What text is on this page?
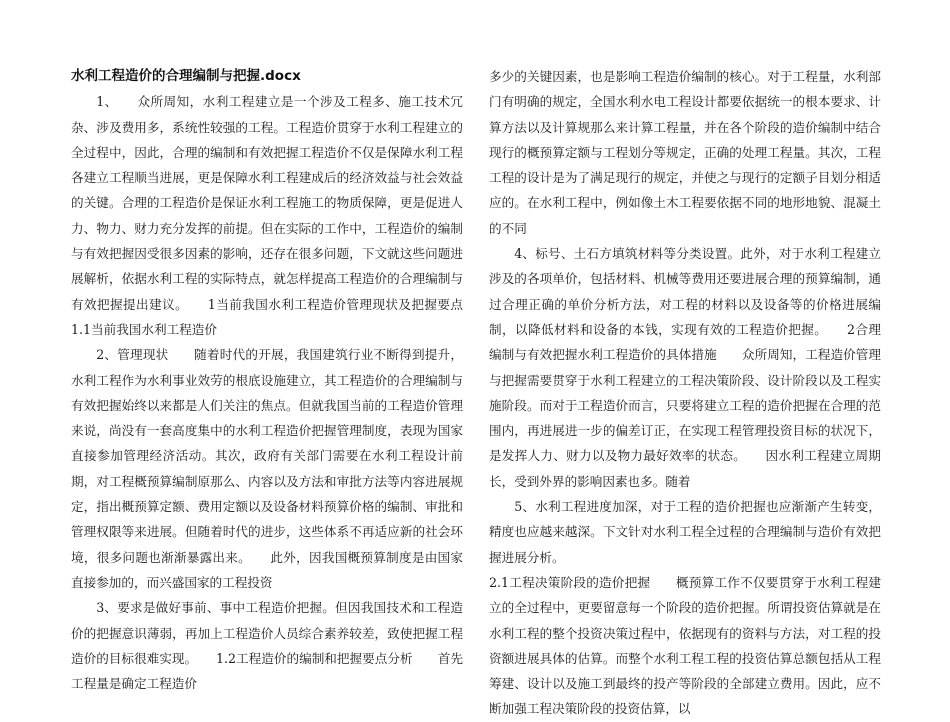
水利工程造价的合理编制与把握.docx

1、　　众所周知，水利工程建立是一个涉及工程多、施工技术冗杂、涉及费用多，系统性较强的工程。工程造价贯穿于水利工程建立的全过程中，因此，合理的编制和有效把握工程造价不仅是保障水利工程各建立工程顺当进展，更是保障水利工程建成后的经济效益与社会效益的关键。合理的工程造价是保证水利工程施工的物质保障，更是促进人力、物力、财力充分发挥的前提。但在实际的工作中，工程造价的编制与有效把握因受很多因素的影响，还存在很多问题，下文就这些问题进展解析，依据水利工程的实际特点，就怎样提高工程造价的合理编制与有效把握提出建议。　　1当前我国水利工程造价管理现状及把握要点　　1.1当前我国水利工程造价

2、管理现状　　随着时代的开展，我国建筑行业不断得到提升，水利工程作为水利事业效劳的根底设施建立，其工程造价的合理编制与有效把握始终以来都是人们关注的焦点。但就我国当前的工程造价管理来说，尚没有一套高度集中的水利工程造价把握管理制度，表现为国家直接参加管理经济活动。其次，政府有关部门需要在水利工程设计前期，对工程概预算编制原那么、内容以及方法和审批方法等内容进展规定，指出概预算定额、费用定额以及设备材料预算价格的编制、审批和管理权限等来进展。但随着时代的进步，这些体系不再适应新的社会环境，很多问题也渐渐暴露出来。　　此外，因我国概预算制度是由国家直接参加的，而兴盛国家的工程投资

3、要求是做好事前、事中工程造价把握。但因我国技术和工程造价的把握意识薄弱，再加上工程造价人员综合素养较差，致使把握工程造价的目标很难实现。　　1.2工程造价的编制和把握要点分析　　首先工程量是确定工程造价

多少的关键因素，也是影响工程造价编制的核心。对于工程量，水利部门有明确的规定，全国水利水电工程设计都要依据统一的根本要求、计算方法以及计算规那么来计算工程量，并在各个阶段的造价编制中结合现行的概预算定额与工程划分等规定，正确的处理工程量。其次，工程工程的设计是为了满足现行的规定，并使之与现行的定额子目划分相适应的。在水利工程中，例如像土木工程要依据不同的地形地貌、混凝土的不同

4、标号、土石方填筑材料等分类设置。此外，对于水利工程建立涉及的各项单价，包括材料、机械等费用还要进展合理的预算编制，通过合理正确的单价分析方法，对工程的材料以及设备等的价格进展编制，以降低材料和设备的本钱，实现有效的工程造价把握。　　2合理编制与有效把握水利工程造价的具体措施　　众所周知，工程造价管理与把握需要贯穿于水利工程建立的工程决策阶段、设计阶段以及工程实施阶段。而对于工程造价而言，只要将建立工程的造价把握在合理的范围内，再进展进一步的偏差订正，在实现工程管理投资目标的状况下，是发挥人力、财力以及物力最好效率的状态。　　因水利工程建立周期长，受到外界的影响因素也多。随着

5、水利工程进度加深，对于工程的造价把握也应渐渐产生转变，精度也应越来越深。下文针对水利工程全过程的合理编制与造价有效把握进展分析。

2.1工程决策阶段的造价把握　　概预算工作不仅要贯穿于水利工程建立的全过程中，更要留意每一个阶段的造价把握。所谓投资估算就是在水利工程的整个投资决策过程中，依据现有的资料与方法，对工程的投资额进展具体的估算。而整个水利工程工程的投资估算总额包括从工程筹建、设计以及施工到最终的投产等阶段的全部建立费用。因此，应不断加强工程决策阶段的投资估算，以
